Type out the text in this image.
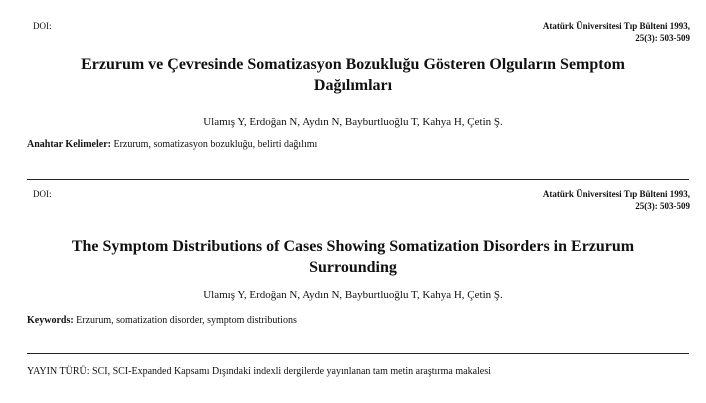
DOI:	Atatürk Üniversitesi Tıp Bülteni 1993,
25(3): 503-509
Erzurum ve Çevresinde Somatizasyon Bozukluğu Gösteren Olguların Semptom
Dağılımları
Ulamış Y, Erdoğan N, Aydın N, Bayburtluoğlu T, Kahya H, Çetin Ş.
Anahtar Kelimeler: Erzurum, somatizasyon bozukluğu, belirti dağılımı
DOI:	Atatürk Üniversitesi Tıp Bülteni 1993,
25(3): 503-509
The Symptom Distributions of Cases Showing Somatization Disorders in Erzurum
Surrounding
Ulamış Y, Erdoğan N, Aydın N, Bayburtluoğlu T, Kahya H, Çetin Ş.
Keywords: Erzurum, somatization disorder, symptom distributions
YAYIN TÜRÜ: SCI, SCI-Expanded Kapsamı Dışındaki indexli dergilerde yayınlanan tam metin araştırma makalesi
